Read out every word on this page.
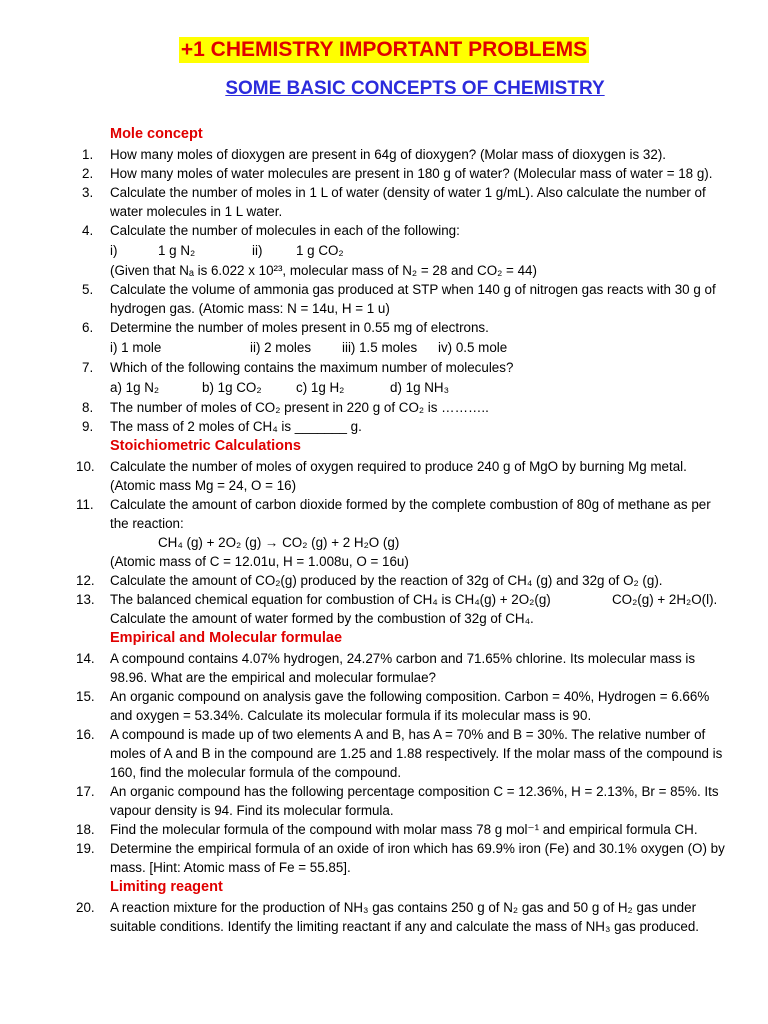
+1 CHEMISTRY IMPORTANT PROBLEMS
SOME BASIC CONCEPTS OF CHEMISTRY
Mole concept
1.	How many moles of dioxygen are present in 64g of dioxygen? (Molar mass of dioxygen is 32).
2.	How many moles of water molecules are present in 180 g of water? (Molecular mass of water = 18 g).
3.	Calculate the number of moles in 1 L of water (density of water 1 g/mL). Also calculate the number of water molecules in 1 L water.
4.	Calculate the number of molecules in each of the following:
i)	1 g N₂	ii)	1 g CO₂
(Given that Nₐ is 6.022 x 10²³, molecular mass of N₂ = 28 and CO₂ = 44)
5.	Calculate the volume of ammonia gas produced at STP when 140 g of nitrogen gas reacts with 30 g of hydrogen gas. (Atomic mass: N = 14u, H = 1 u)
6.	Determine the number of moles present in 0.55 mg of electrons.
i) 1 mole	ii) 2 moles iii) 1.5 moles iv) 0.5 mole
7.	Which of the following contains the maximum number of molecules?
a) 1g N₂	b) 1g CO₂	c) 1g H₂	d) 1g NH₃
8.	The number of moles of CO₂ present in 220 g of CO₂ is ………..
9.	The mass of 2 moles of CH₄ is _______ g.
Stoichiometric Calculations
10.	Calculate the number of moles of oxygen required to produce 240 g of MgO by burning Mg metal. (Atomic mass Mg = 24, O = 16)
11.	Calculate the amount of carbon dioxide formed by the complete combustion of 80g of methane as per the reaction:
CH₄ (g) + 2O₂ (g) → CO₂ (g) + 2 H₂O (g)
(Atomic mass of C = 12.01u, H = 1.008u, O = 16u)
12.	Calculate the amount of CO₂(g) produced by the reaction of 32g of CH₄ (g) and 32g of O₂ (g).
13.	The balanced chemical equation for combustion of CH₄ is CH₄(g) + 2O₂(g)	CO₂(g) + 2H₂O(l).
Calculate the amount of water formed by the combustion of 32g of CH₄.
Empirical and Molecular formulae
14.	A compound contains 4.07% hydrogen, 24.27% carbon and 71.65% chlorine. Its molecular mass is 98.96. What are the empirical and molecular formulae?
15.	An organic compound on analysis gave the following composition. Carbon = 40%, Hydrogen = 6.66% and oxygen = 53.34%. Calculate its molecular formula if its molecular mass is 90.
16.	A compound is made up of two elements A and B, has A = 70% and B = 30%. The relative number of moles of A and B in the compound are 1.25 and 1.88 respectively. If the molar mass of the compound is 160, find the molecular formula of the compound.
17.	An organic compound has the following percentage composition C = 12.36%, H = 2.13%, Br = 85%. Its vapour density is 94. Find its molecular formula.
18.	Find the molecular formula of the compound with molar mass 78 g mol⁻¹ and empirical formula CH.
19.	Determine the empirical formula of an oxide of iron which has 69.9% iron (Fe) and 30.1% oxygen (O) by mass. [Hint: Atomic mass of Fe = 55.85].
Limiting reagent
20.	A reaction mixture for the production of NH₃ gas contains 250 g of N₂ gas and 50 g of H₂ gas under suitable conditions. Identify the limiting reactant if any and calculate the mass of NH₃ gas produced.
